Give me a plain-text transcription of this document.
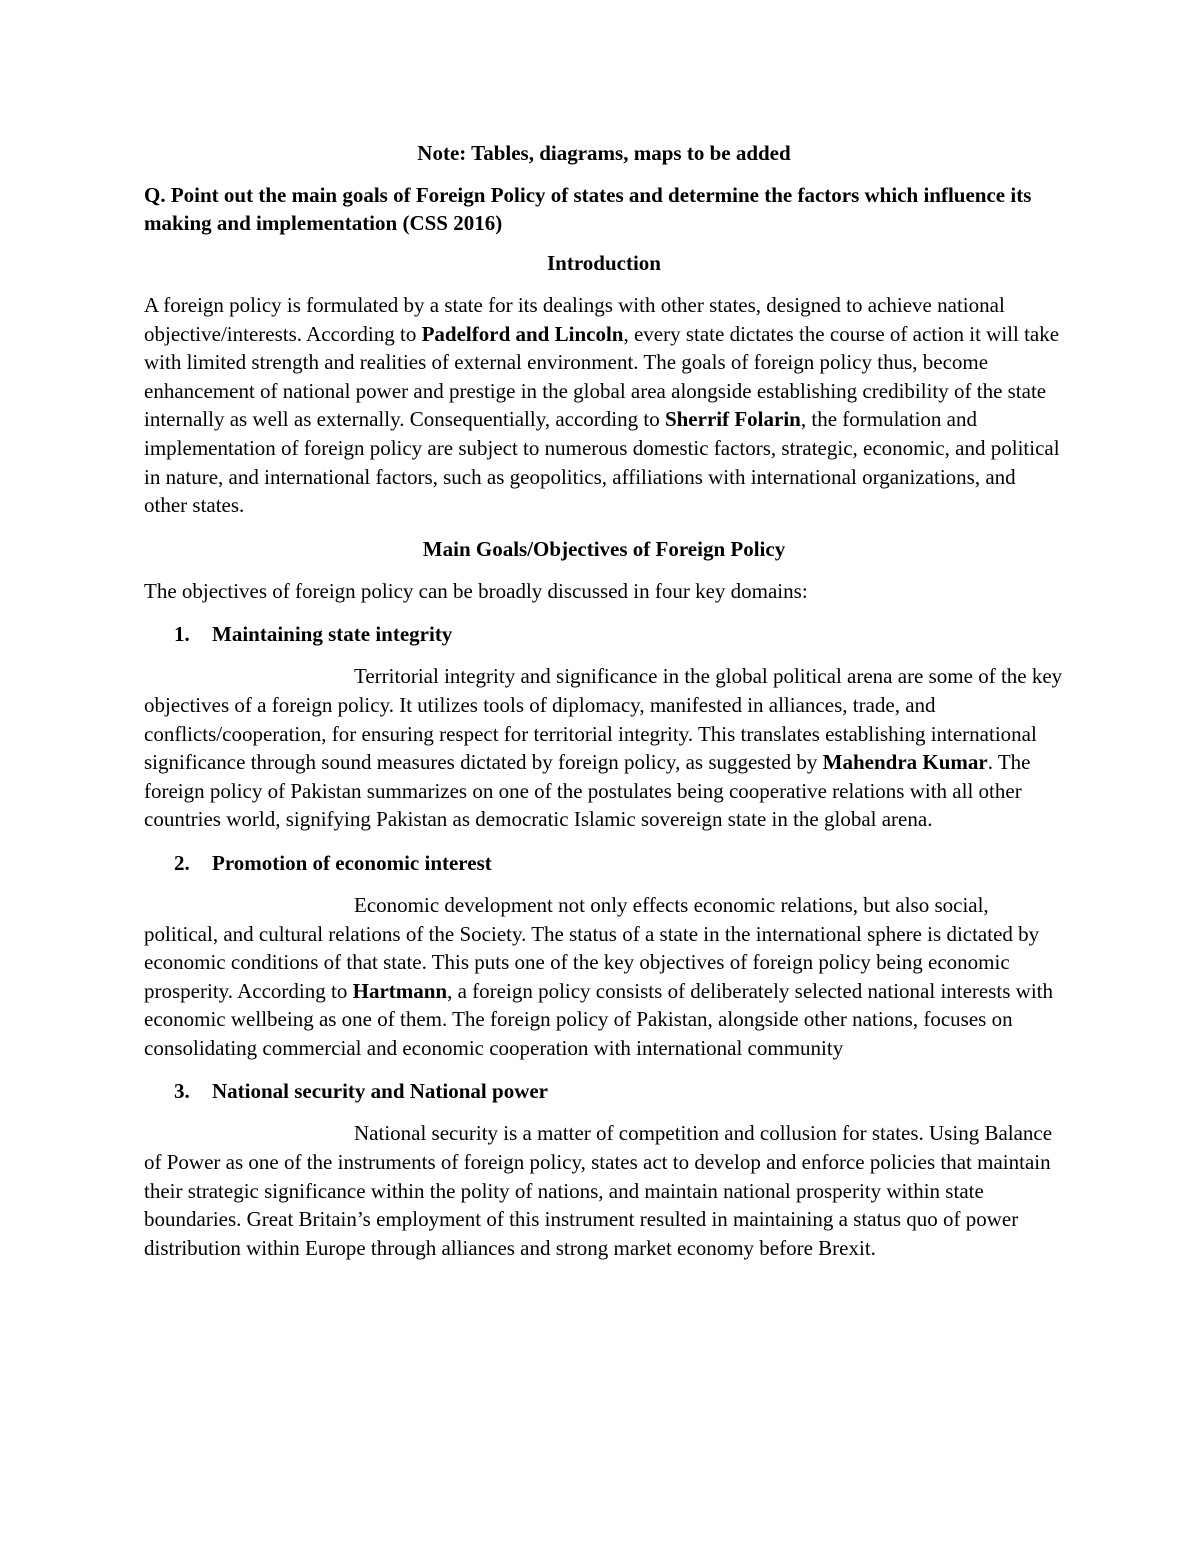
Note: Tables, diagrams, maps to be added
Q. Point out the main goals of Foreign Policy of states and determine the factors which influence its making and implementation (CSS 2016)
Introduction

A foreign policy is formulated by a state for its dealings with other states, designed to achieve national objective/interests. According to Padelford and Lincoln, every state dictates the course of action it will take with limited strength and realities of external environment. The goals of foreign policy thus, become enhancement of national power and prestige in the global area alongside establishing credibility of the state internally as well as externally. Consequentially, according to Sherrif Folarin, the formulation and implementation of foreign policy are subject to numerous domestic factors, strategic, economic, and political in nature, and international factors, such as geopolitics, affiliations with international organizations, and other states.

Main Goals/Objectives of Foreign Policy

The objectives of foreign policy can be broadly discussed in four key domains:

1.	Maintaining state integrity

Territorial integrity and significance in the global political arena are some of the key objectives of a foreign policy. It utilizes tools of diplomacy, manifested in alliances, trade, and conflicts/cooperation, for ensuring respect for territorial integrity. This translates establishing international significance through sound measures dictated by foreign policy, as suggested by Mahendra Kumar. The foreign policy of Pakistan summarizes on one of the postulates being cooperative relations with all other countries world, signifying Pakistan as democratic Islamic sovereign state in the global arena.

2.	Promotion of economic interest

Economic development not only effects economic relations, but also social, political, and cultural relations of the Society. The status of a state in the international sphere is dictated by economic conditions of that state. This puts one of the key objectives of foreign policy being economic prosperity. According to Hartmann, a foreign policy consists of deliberately selected national interests with economic wellbeing as one of them. The foreign policy of Pakistan, alongside other nations, focuses on consolidating commercial and economic cooperation with international community

3.	National security and National power

National security is a matter of competition and collusion for states. Using Balance of Power as one of the instruments of foreign policy, states act to develop and enforce policies that maintain their strategic significance within the polity of nations, and maintain national prosperity within state boundaries. Great Britain’s employment of this instrument resulted in maintaining a status quo of power distribution within Europe through alliances and strong market economy before Brexit.
